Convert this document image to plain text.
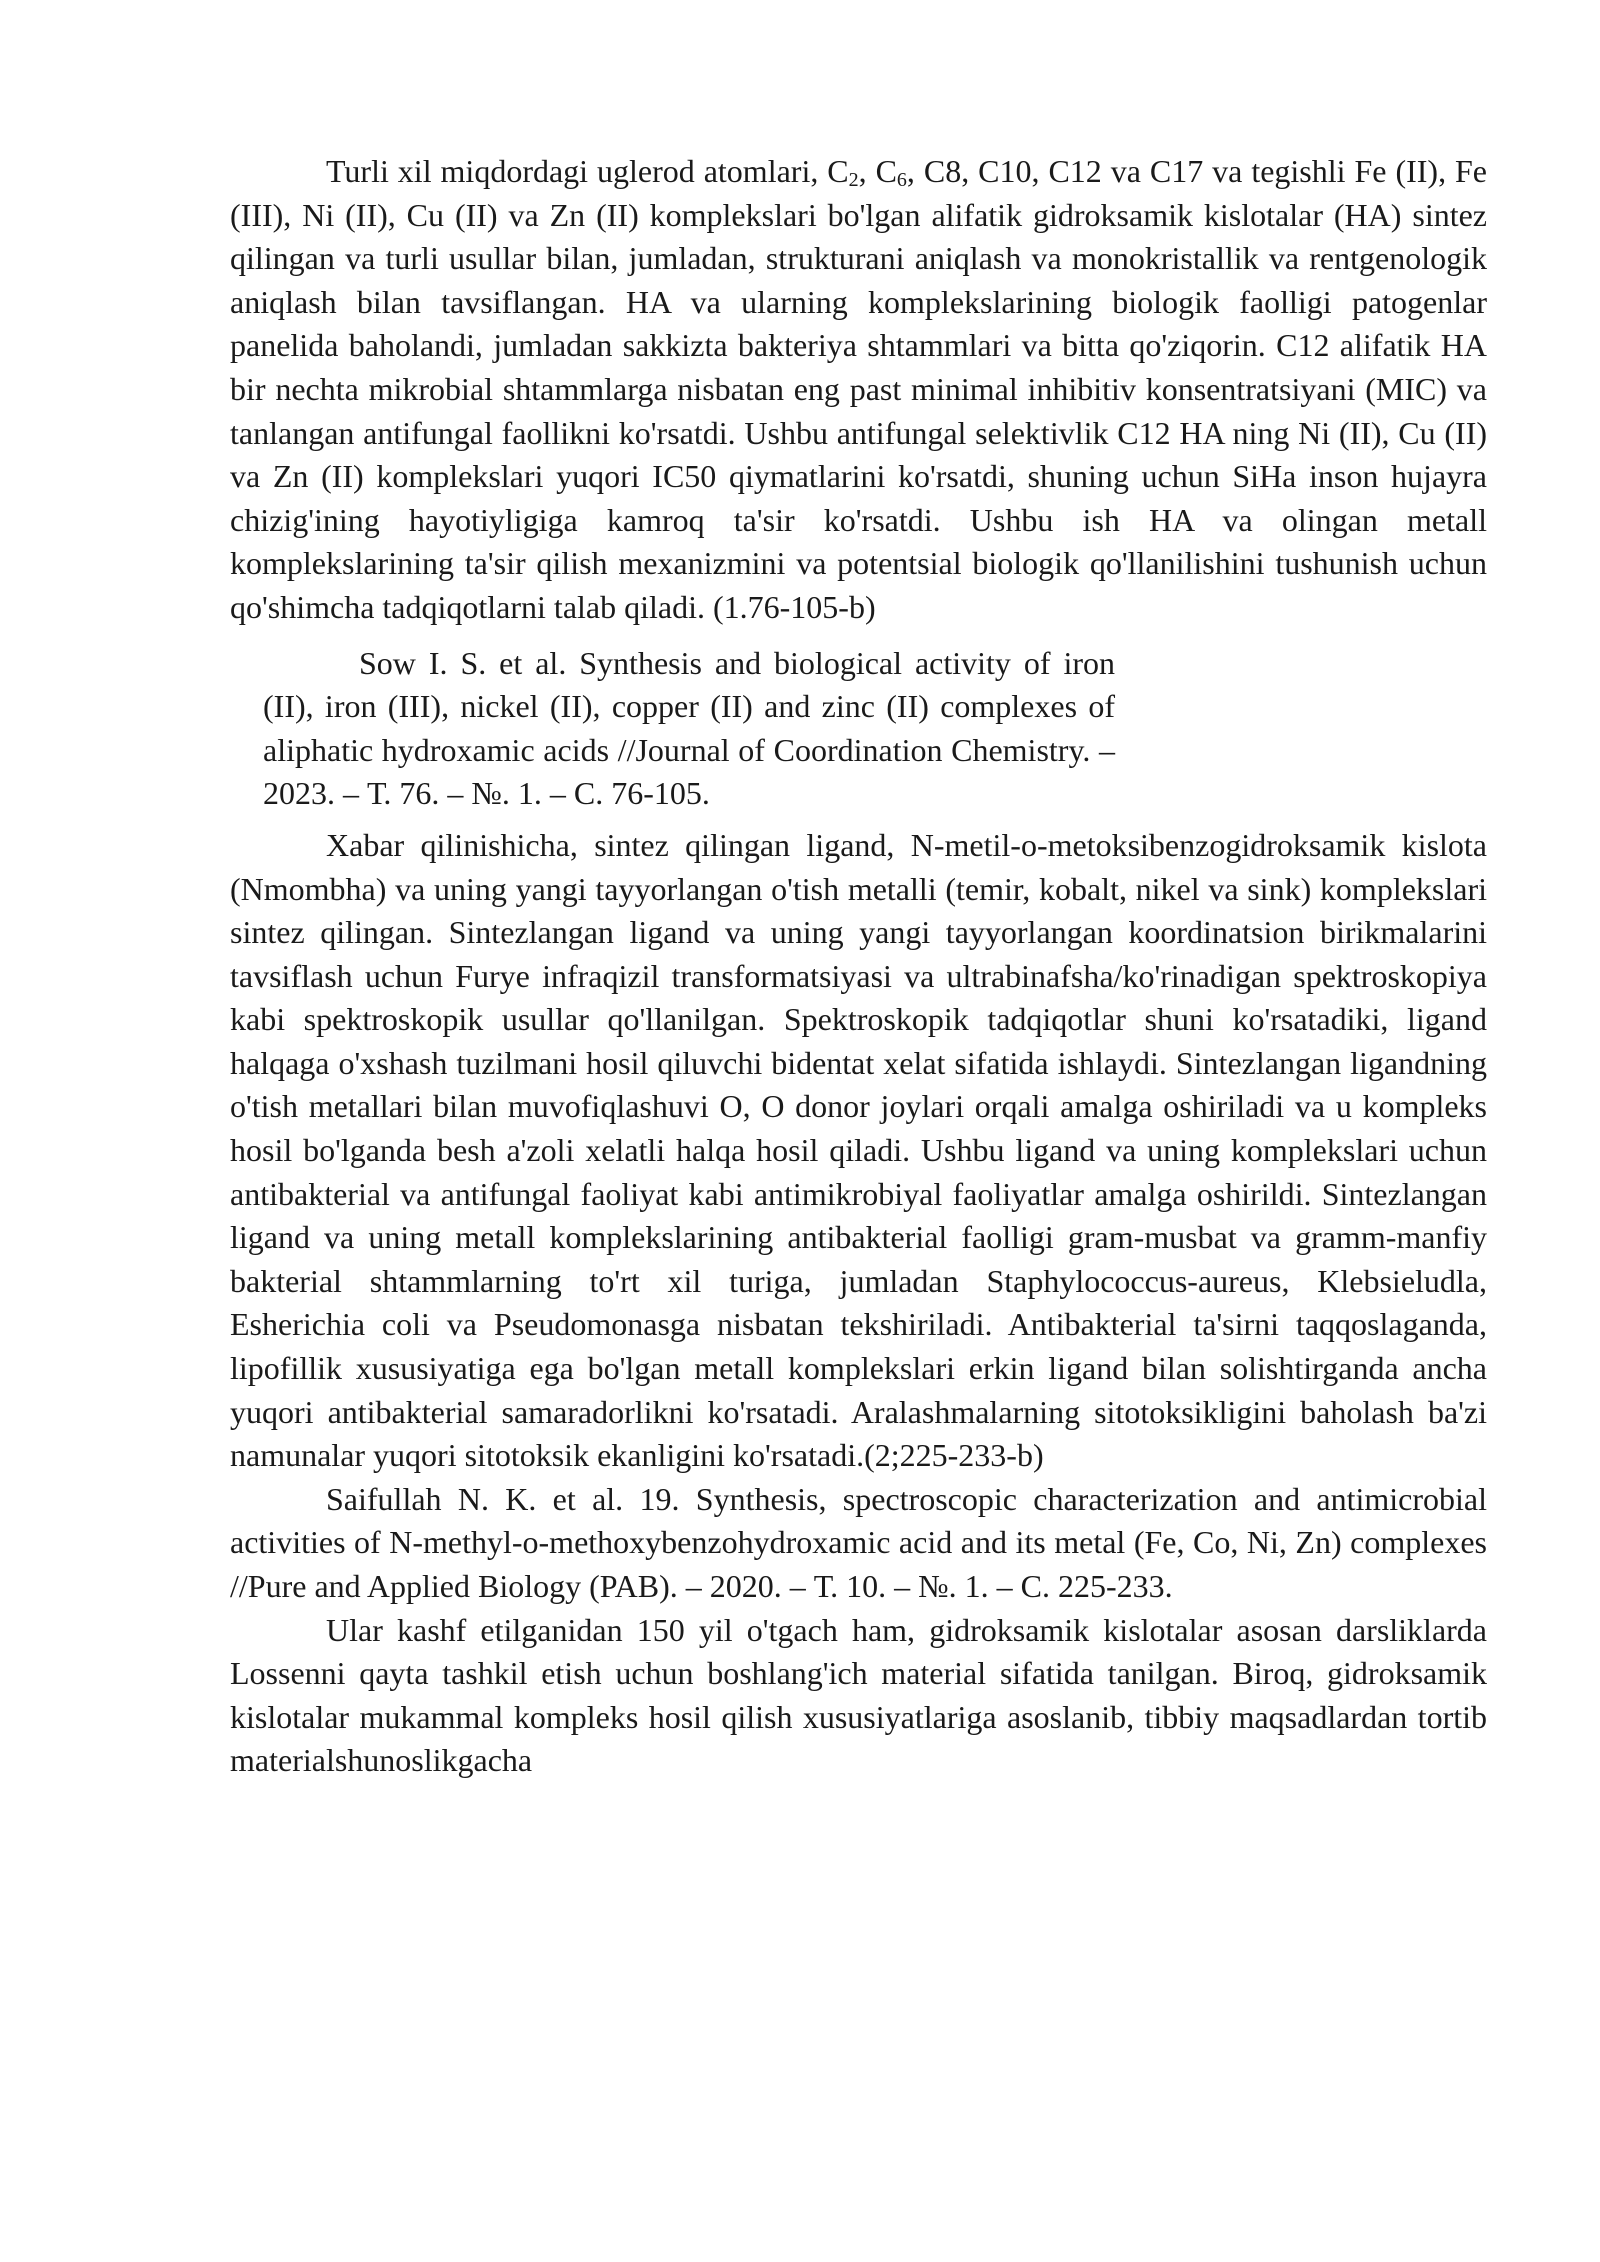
Turli xil miqdordagi uglerod atomlari, $C_2$, $C_6$, C8, C10, C12 va C17 va tegishli Fe (II), Fe (III), Ni (II), Cu (II) va Zn (II) komplekslari bo'lgan alifatik gidroksamik kislotalar (HA) sintez qilingan va turli usullar bilan, jumladan, strukturani aniqlash va monokristallik va rentgenologik aniqlash bilan tavsiflangan. HA va ularning komplekslarining biologik faolligi patogenlar panelida baholandi, jumladan sakkizta bakteriya shtammlari va bitta qo'ziqorin. C12 alifatik HA bir nechta mikrobial shtammlarga nisbatan eng past minimal inhibitiv konsentratsiyani (MIC) va tanlangan antifungal faollikni ko'rsatdi. Ushbu antifungal selektivlik C12 HA ning Ni (II), Cu (II) va Zn (II) komplekslari yuqori IC50 qiymatlarini ko'rsatdi, shuning uchun SiHa inson hujayra chizig'ining hayotiyligiga kamroq ta'sir ko'rsatdi. Ushbu ish HA va olingan metall komplekslarining ta'sir qilish mexanizmini va potentsial biologik qo'llanilishini tushunish uchun qo'shimcha tadqiqotlarni talab qiladi. (1.76-105-b)

Sow I. S. et al. Synthesis and biological activity of iron (II), iron (III), nickel (II), copper (II) and zinc (II) complexes of aliphatic hydroxamic acids //Journal of Coordination Chemistry. – 2023. – Т. 76. – №. 1. – С. 76-105.

Xabar qilinishicha, sintez qilingan ligand, N-metil-o-metoksibenzogidroksamik kislota (Nmombha) va uning yangi tayyorlangan o'tish metalli (temir, kobalt, nikel va sink) komplekslari sintez qilingan. Sintezlangan ligand va uning yangi tayyorlangan koordinatsion birikmalarini tavsiflash uchun Furye infraqizil transformatsiyasi va ultrabinafsha/ko'rinadigan spektroskopiya kabi spektroskopik usullar qo'llanilgan. Spektroskopik tadqiqotlar shuni ko'rsatadiki, ligand halqaga o'xshash tuzilmani hosil qiluvchi bidentat xelat sifatida ishlaydi. Sintezlangan ligandning o'tish metallari bilan muvofiqlashuvi O, O donor joylari orqali amalga oshiriladi va u kompleks hosil bo'lganda besh a'zoli xelatli halqa hosil qiladi. Ushbu ligand va uning komplekslari uchun antibakterial va antifungal faoliyat kabi antimikrobiyal faoliyatlar amalga oshirildi. Sintezlangan ligand va uning metall komplekslarining antibakterial faolligi gram-musbat va gramm-manfiy bakterial shtammlarning to'rt xil turiga, jumladan Staphylococcus-aureus, Klebsieludla, Esherichia coli va Pseudomonasga nisbatan tekshiriladi. Antibakterial ta'sirni taqqoslaganda, lipofillik xususiyatiga ega bo'lgan metall komplekslari erkin ligand bilan solishtirganda ancha yuqori antibakterial samaradorlikni ko'rsatadi. Aralashmalarning sitotoksikligini baholash ba'zi namunalar yuqori sitotoksik ekanligini ko'rsatadi.(2;225-233-b)

Saifullah N. K. et al. 19. Synthesis, spectroscopic characterization and antimicrobial activities of N-methyl-o-methoxybenzohydroxamic acid and its metal (Fe, Co, Ni, Zn) complexes //Pure and Applied Biology (PAB). – 2020. – Т. 10. – №. 1. – С. 225-233.

Ular kashf etilganidan 150 yil o'tgach ham, gidroksamik kislotalar asosan darsliklarda Lossenni qayta tashkil etish uchun boshlang'ich material sifatida tanilgan. Biroq, gidroksamik kislotalar mukammal kompleks hosil qilish xususiyatlariga asoslanib, tibbiy maqsadlardan tortib materialshunoslikgacha
